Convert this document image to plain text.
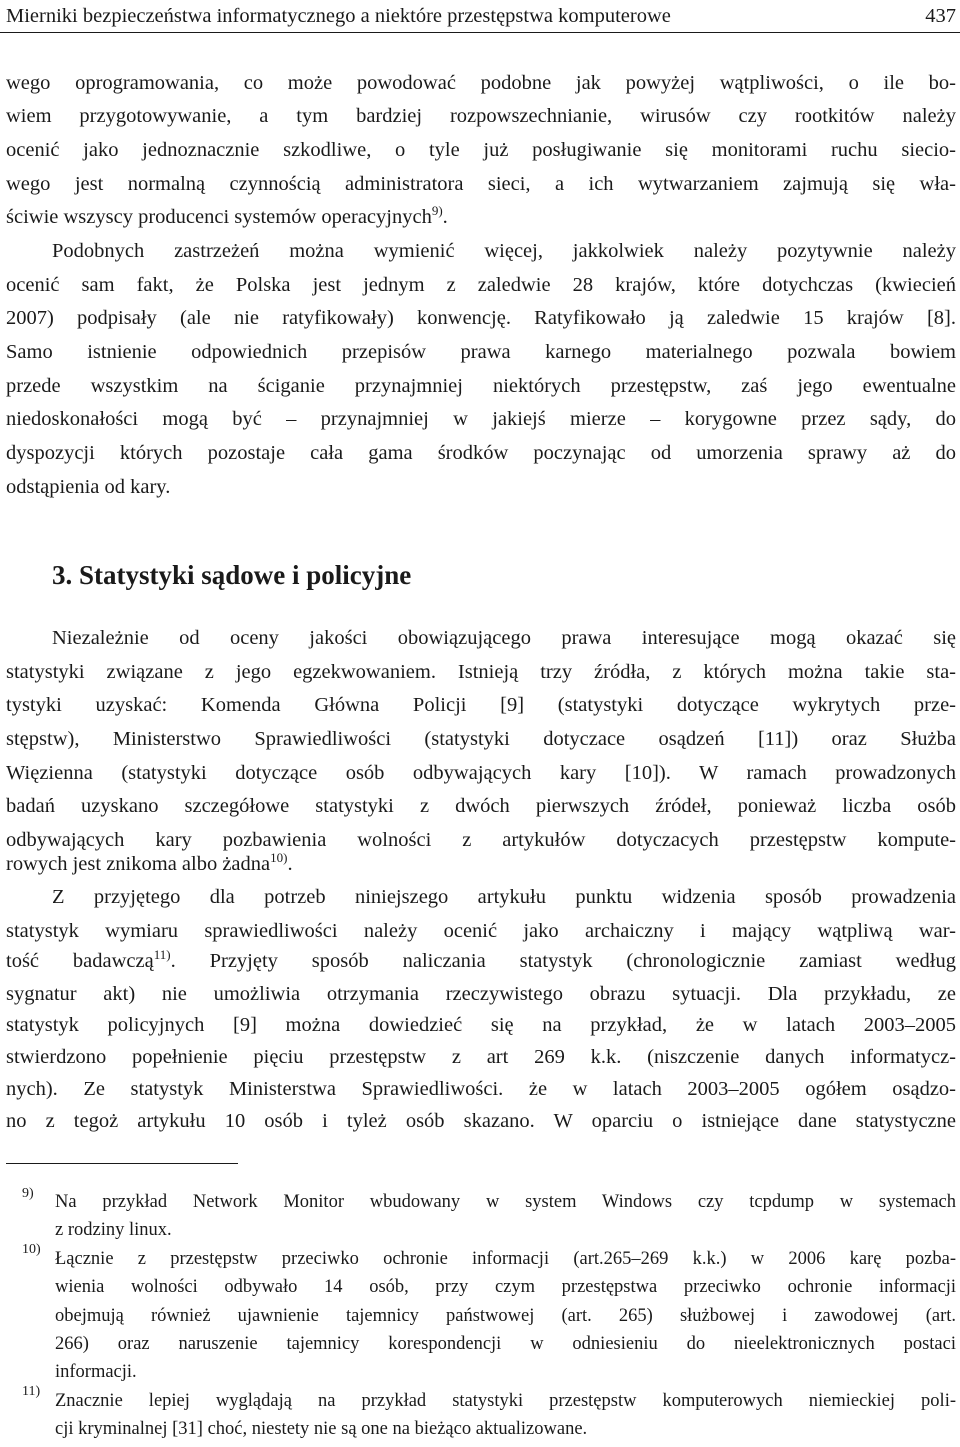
Mierniki bezpieczeństwa informatycznego a niektóre przestępstwa komputerowe	437
wego oprogramowania, co może powodować podobne jak powyżej wątpliwości, o ile bo-
wiem przygotowywanie, a tym bardziej rozpowszechnianie, wirusów czy rootkitów należy
ocenić jako jednoznacznie szkodliwe, o tyle już posługiwanie się monitorami ruchu siecio-
wego jest normalną czynnością administratora sieci, a ich wytwarzaniem zajmują się wła-
ściwie wszyscy producenci systemów operacyjnych$^{9)}$.
Podobnych zastrzeżeń można wymienić więcej, jakkolwiek należy pozytywnie należy
ocenić sam fakt, że Polska jest jednym z zaledwie 28 krajów, które dotychczas (kwiecień
2007) podpisały (ale nie ratyfikowały) konwencję. Ratyfikowało ją zaledwie 15 krajów [8].
Samo istnienie odpowiednich przepisów prawa karnego materialnego pozwala bowiem
przede wszystkim na ściganie przynajmniej niektórych przestępstw, zaś jego ewentualne
niedoskonałości mogą być – przynajmniej w jakiejś mierze – korygowne przez sądy, do
dyspozycji których pozostaje cała gama środków poczynając od umorzenia sprawy aż do
odstąpienia od kary.
3. Statystyki sądowe i policyjne
Niezależnie od oceny jakości obowiązującego prawa interesujące mogą okazać się
statystyki związane z jego egzekwowaniem. Istnieją trzy źródła, z których można takie sta-
tystyki uzyskać: Komenda Główna Policji [9] (statystyki dotyczące wykrytych prze-
stępstw), Ministerstwo Sprawiedliwości (statystyki dotyczace osądzeń [11]) oraz Służba
Więzienna (statystyki dotyczące osób odbywających kary [10]). W ramach prowadzonych
badań uzyskano szczegółowe statystyki z dwóch pierwszych źródeł, ponieważ liczba osób
odbywających kary pozbawienia wolności z artykułów dotyczacych przestępstw kompute-
rowych jest znikoma albo żadna$^{10)}$.
Z przyjętego dla potrzeb niniejszego artykułu punktu widzenia sposób prowadzenia
statystyk wymiaru sprawiedliwości należy ocenić jako archaiczny i mający wątpliwą war-
tość badawczą$^{11)}$. Przyjęty sposób naliczania statystyk (chronologicznie zamiast według
sygnatur akt) nie umożliwia otrzymania rzeczywistego obrazu sytuacji. Dla przykładu, ze
statystyk policyjnych [9] można dowiedzieć się na przykład, że w latach 2003–2005
stwierdzono popełnienie pięciu przestępstw z art 269 k.k. (niszczenie danych informatycz-
nych). Ze statystyk Ministerstwa Sprawiedliwości. że w latach 2003–2005 ogółem osądzo-
no z tegoż artykułu 10 osób i tyleż osób skazano. W oparciu o istniejące dane statystyczne
9) Na przykład Network Monitor wbudowany w system Windows czy tcpdump w systemach
z rodziny linux.
10) Łącznie z przestępstw przeciwko ochronie informacji (art.265–269 k.k.) w 2006 karę pozba-
wienia wolności odbywało 14 osób, przy czym przestępstwa przeciwko ochronie informacji
obejmują również ujawnienie tajemnicy państwowej (art. 265) służbowej i zawodowej (art.
266) oraz naruszenie tajemnicy korespondencji w odniesieniu do nieelektronicznych postaci
informacji.
11) Znacznie lepiej wyglądają na przykład statystyki przestępstw komputerowych niemieckiej poli-
cji kryminalnej [31] choć, niestety nie są one na bieżąco aktualizowane.
